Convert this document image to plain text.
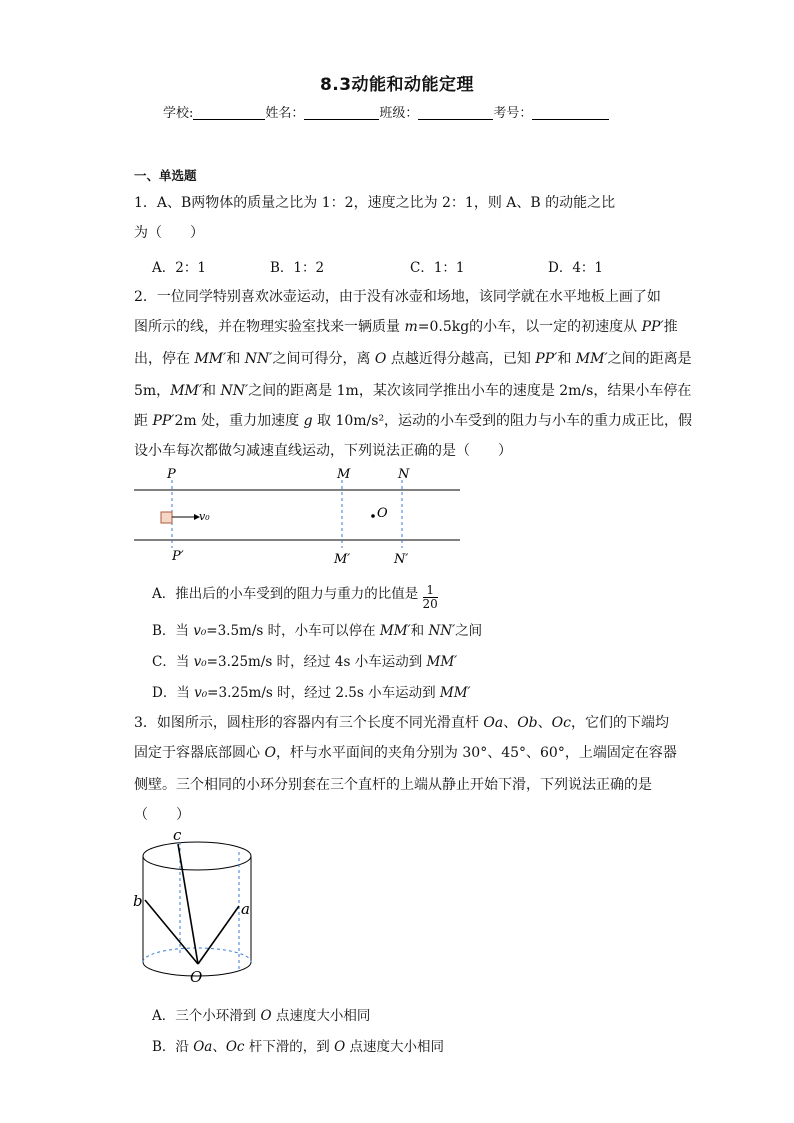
8.3动能和动能定理
学校:	姓名：	班级：	考号：
一、单选题
1．A、B两物体的质量之比为 1：2，速度之比为 2：1，则 A、B 的动能之比
为（　　）
A．2：1	B．1：2	C．1：1	D．4：1
2．一位同学特别喜欢冰壶运动，由于没有冰壶和场地，该同学就在水平地板上画了如
图所示的线，并在物理实验室找来一辆质量 m=0.5kg的小车，以一定的初速度从 PP′推
出，停在 MM′和 NN′之间可得分，离 O 点越近得分越高，已知 PP′和 MM′之间的距离是
5m，MM′和 NN′之间的距离是 1m，某次该同学推出小车的速度是 2m/s，结果小车停在
距 PP′2m 处，重力加速度 g 取 10m/s²，运动的小车受到的阻力与小车的重力成正比，假
设小车每次都做匀减速直线运动，下列说法正确的是（　　）
P
P′
M
M′
N
N′
O
v₀
A．推出后的小车受到的阻力与重力的比值是 $\frac{1}{20}$
B．当 v₀=3.5m/s 时，小车可以停在 MM′和 NN′之间
C．当 v₀=3.25m/s 时，经过 4s 小车运动到 MM′
D．当 v₀=3.25m/s 时，经过 2.5s 小车运动到 MM′
3．如图所示，圆柱形的容器内有三个长度不同光滑直杆 Oa、Ob、Oc，它们的下端均
固定于容器底部圆心 O，杆与水平面间的夹角分别为 30°、45°、60°，上端固定在容器
侧壁。三个相同的小环分别套在三个直杆的上端从静止开始下滑，下列说法正确的是
（　　）
c
b	a
O
A．三个小环滑到 O 点速度大小相同
B．沿 Oa、Oc 杆下滑的，到 O 点速度大小相同
